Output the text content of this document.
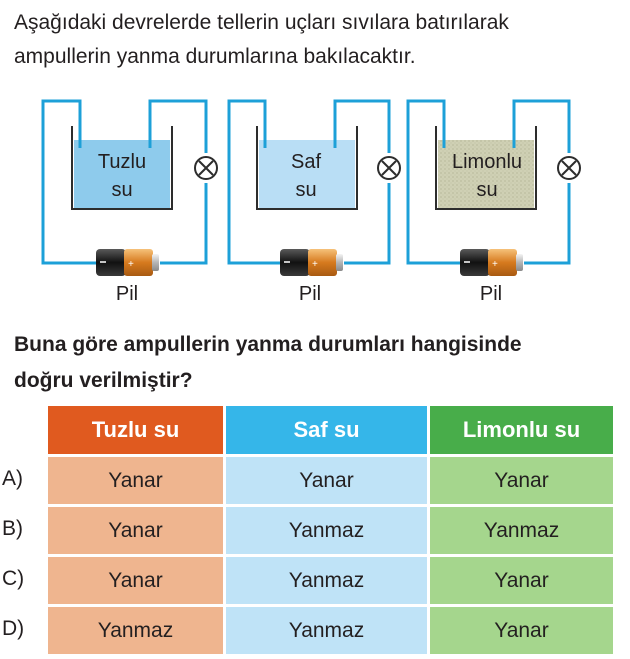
Aşağıdaki devrelerde tellerin uçları sıvılara batırılarak
ampullerin yanma durumlarına bakılacaktır.
+	+	+
Tuzlu
su
Saf
su
Limonlu
su
Pil	Pil	Pil
Buna göre ampullerin yanma durumları hangisinde
doğru verilmiştir?
Tuzlu su	Saf su	Limonlu su
A)	Yanar	Yanar	Yanar
B)	Yanar	Yanmaz	Yanmaz
C)	Yanar	Yanmaz	Yanar
D)	Yanmaz	Yanmaz	Yanar
